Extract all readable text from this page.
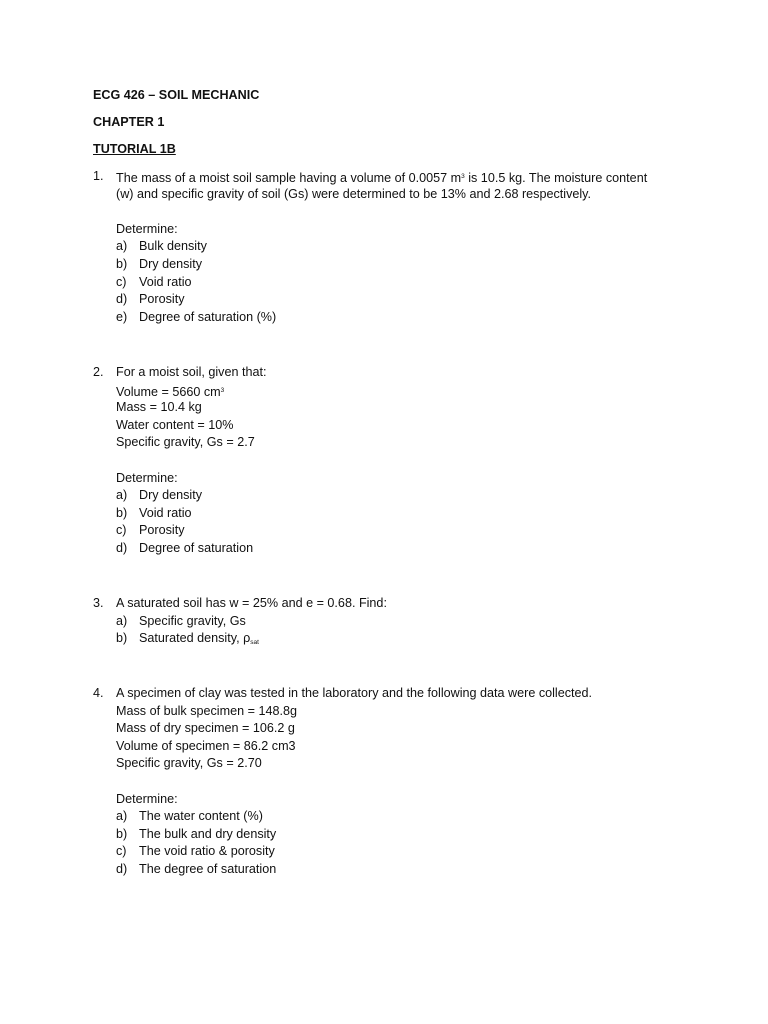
ECG 426 – SOIL MECHANIC
CHAPTER 1
TUTORIAL 1B
1. The mass of a moist soil sample having a volume of 0.0057 $m^3$ is 10.5 kg. The moisture content
(w) and specific gravity of soil (Gs) were determined to be 13% and 2.68 respectively.
Determine:
a) Bulk density
b) Dry density
c) Void ratio
d) Porosity
e) Degree of saturation (%)
2. For a moist soil, given that:
Volume = 5660 $cm^3$
Mass = 10.4 kg
Water content = 10%
Specific gravity, Gs = 2.7
Determine:
a) Dry density
b) Void ratio
c) Porosity
d) Degree of saturation
3. A saturated soil has w = 25% and e = 0.68. Find:
a) Specific gravity, Gs
b) Saturated density, $\rho_{sat}$
4. A specimen of clay was tested in the laboratory and the following data were collected.
Mass of bulk specimen = 148.8g
Mass of dry specimen = 106.2 g
Volume of specimen = 86.2 cm3
Specific gravity, Gs = 2.70
Determine:
a) The water content (%)
b) The bulk and dry density
c) The void ratio & porosity
d) The degree of saturation
